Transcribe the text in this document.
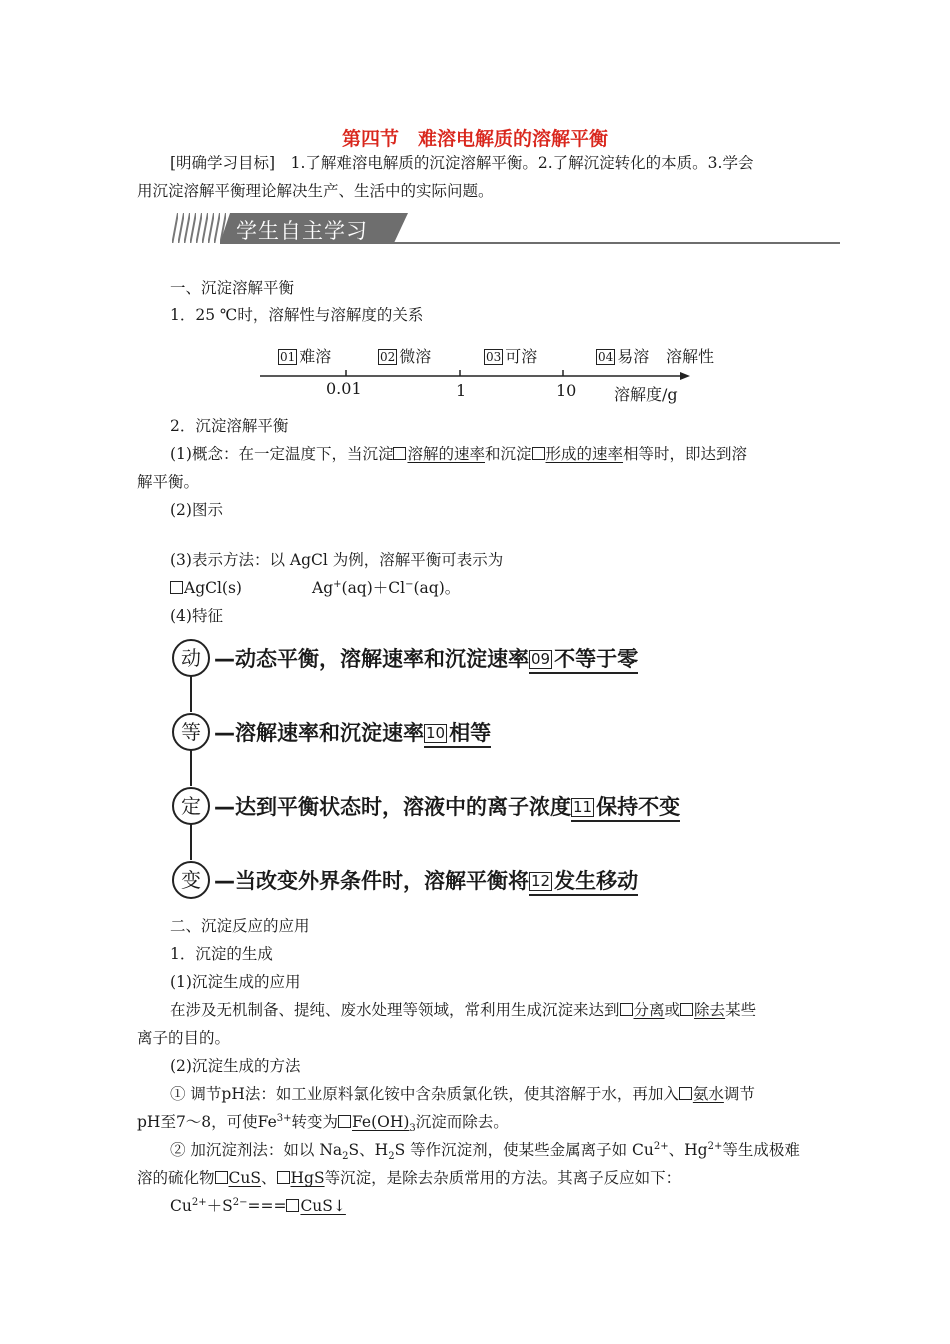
第四节　难溶电解质的溶解平衡
[明确学习目标]　1.了解难溶电解质的沉淀溶解平衡。2.了解沉淀转化的本质。3.学会
用沉淀溶解平衡理论解决生产、生活中的实际问题。
学生自主学习
一、沉淀溶解平衡
1．25 ℃时，溶解性与溶解度的关系
01 难溶	02 微溶	03 可溶	04 易溶 溶解性
0.01	1	10 溶解度/g
2．沉淀溶解平衡
(1)概念：在一定温度下，当沉淀 溶解的速率和沉淀 形成的速率相等时，即达到溶
解平衡。
(2)图示
(3)表示方法：以 AgCl 为例，溶解平衡可表示为
AgCl(s)	Ag+(aq)＋Cl−(aq)。
(4)特征
动 —动态平衡，溶解速率和沉淀速率 09 不等于零
等 —溶解速率和沉淀速率 10 相等
定 —达到平衡状态时，溶液中的离子浓度 11 保持不变
变 —当改变外界条件时，溶解平衡将 12 发生移动
二、沉淀反应的应用
1．沉淀的生成
(1)沉淀生成的应用
在涉及无机制备、提纯、废水处理等领域，常利用生成沉淀来达到 分离或 除去某些
离子的目的。
(2)沉淀生成的方法
① 调节pH法：如工业原料氯化铵中含杂质氯化铁，使其溶解于水，再加入 氨水调节
pH至7～8，可使$Fe^{3+}$转变为 $Fe(OH)_3$沉淀而除去。
② 加沉淀剂法：如以 $Na_2S$、$H_2S$ 等作沉淀剂，使某些金属离子如 $Cu^{2+}$、$Hg^{2+}$等生成极难
溶的硫化物 CuS、 HgS等沉淀，是除去杂质常用的方法。其离子反应如下：
$Cu^{2+}+S^{2-}===$ CuS↓
